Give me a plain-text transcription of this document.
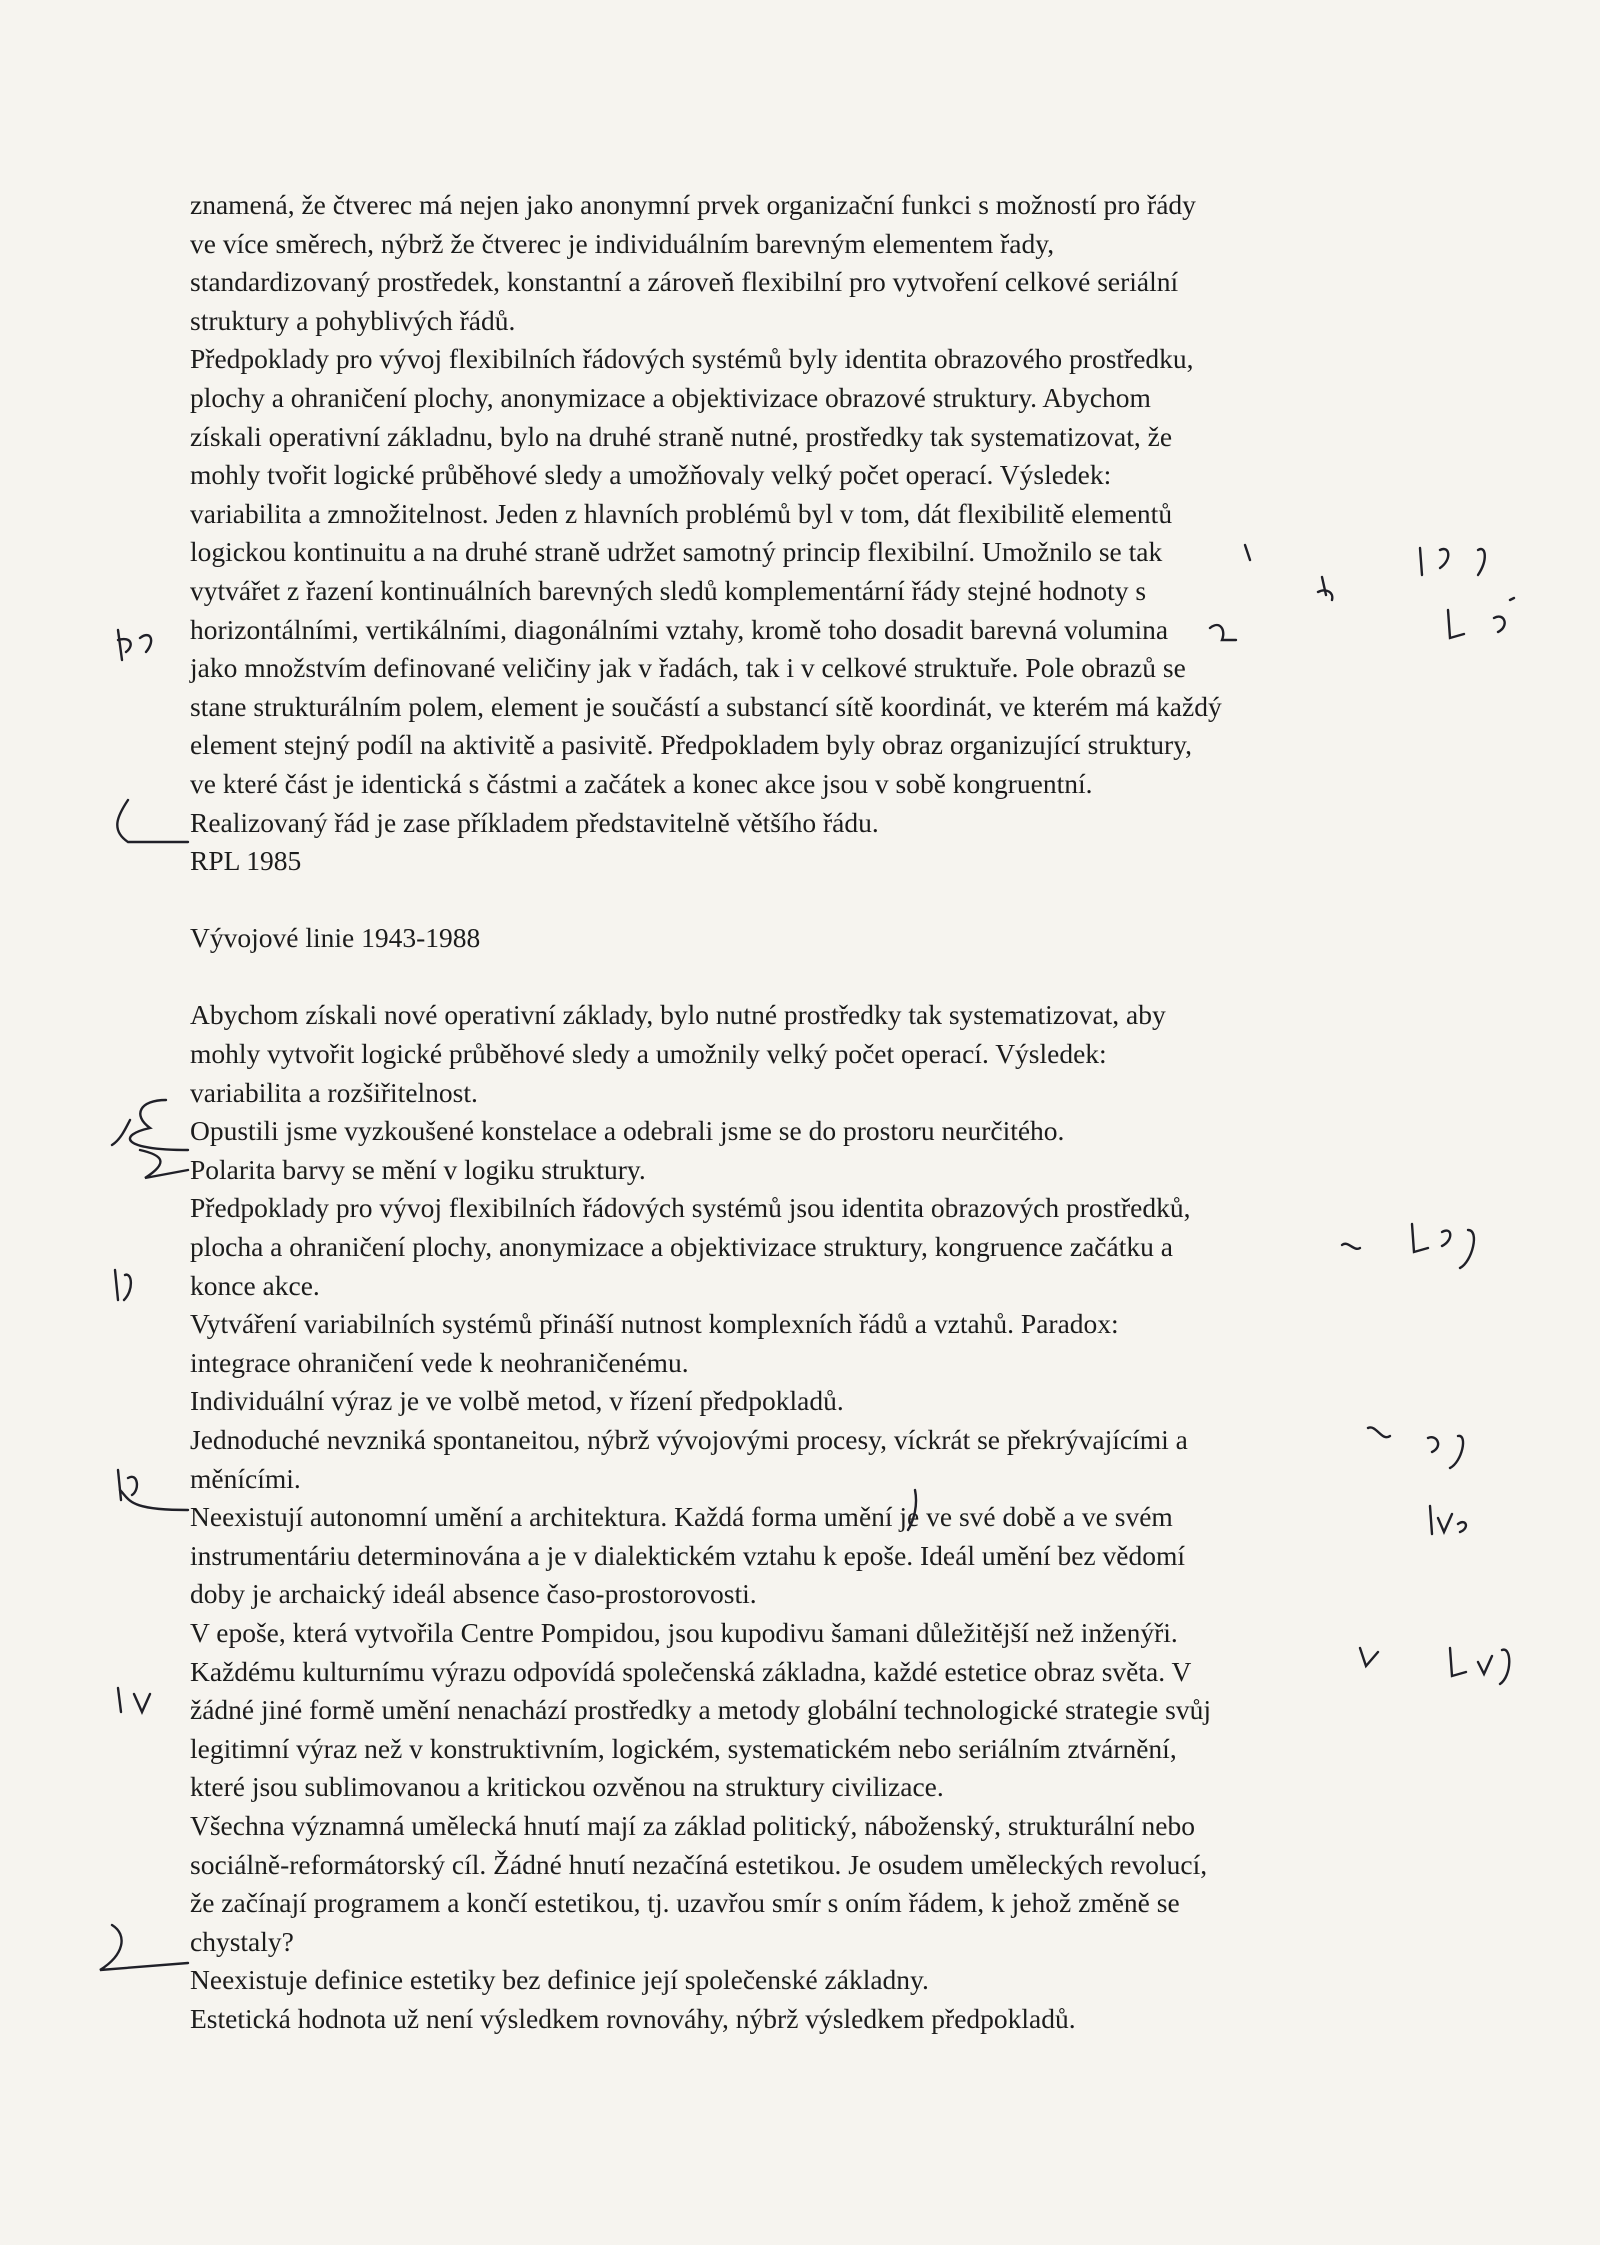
znamená, že čtverec má nejen jako anonymní prvek organizační funkci s možností pro řády
ve více směrech, nýbrž že čtverec je individuálním barevným elementem řady,
standardizovaný prostředek, konstantní a zároveň flexibilní pro vytvoření celkové seriální
struktury a pohyblivých řádů.
Předpoklady pro vývoj flexibilních řádových systémů byly identita obrazového prostředku,
plochy a ohraničení plochy, anonymizace a objektivizace obrazové struktury. Abychom
získali operativní základnu, bylo na druhé straně nutné, prostředky tak systematizovat, že
mohly tvořit logické průběhové sledy a umožňovaly velký počet operací. Výsledek:
variabilita a zmnožitelnost. Jeden z hlavních problémů byl v tom, dát flexibilitě elementů
logickou kontinuitu a na druhé straně udržet samotný princip flexibilní. Umožnilo se tak
vytvářet z řazení kontinuálních barevných sledů komplementární řády stejné hodnoty s
horizontálními, vertikálními, diagonálními vztahy, kromě toho dosadit barevná volumina
jako množstvím definované veličiny jak v řadách, tak i v celkové struktuře. Pole obrazů se
stane strukturálním polem, element je součástí a substancí sítě koordinát, ve kterém má každý
element stejný podíl na aktivitě a pasivitě. Předpokladem byly obraz organizující struktury,
ve které část je identická s částmi a začátek a konec akce jsou v sobě kongruentní.
Realizovaný řád je zase příkladem představitelně většího řádu.
RPL 1985
Vývojové linie 1943-1988
Abychom získali nové operativní základy, bylo nutné prostředky tak systematizovat, aby
mohly vytvořit logické průběhové sledy a umožnily velký počet operací. Výsledek:
variabilita a rozšiřitelnost.
Opustili jsme vyzkoušené konstelace a odebrali jsme se do prostoru neurčitého.
Polarita barvy se mění v logiku struktury.
Předpoklady pro vývoj flexibilních řádových systémů jsou identita obrazových prostředků,
plocha a ohraničení plochy, anonymizace a objektivizace struktury, kongruence začátku a
konce akce.
Vytváření variabilních systémů přináší nutnost komplexních řádů a vztahů. Paradox:
integrace ohraničení vede k neohraničenému.
Individuální výraz je ve volbě metod, v řízení předpokladů.
Jednoduché nevzniká spontaneitou, nýbrž vývojovými procesy, víckrát se překrývajícími a
měnícími.
Neexistují autonomní umění a architektura. Každá forma umění je ve své době a ve svém
instrumentáriu determinována a je v dialektickém vztahu k epoše. Ideál umění bez vědomí
doby je archaický ideál absence časo-prostorovosti.
V epoše, která vytvořila Centre Pompidou, jsou kupodivu šamani důležitější než inženýři.
Každému kulturnímu výrazu odpovídá společenská základna, každé estetice obraz světa. V
žádné jiné formě umění nenachází prostředky a metody globální technologické strategie svůj
legitimní výraz než v konstruktivním, logickém, systematickém nebo seriálním ztvárnění,
které jsou sublimovanou a kritickou ozvěnou na struktury civilizace.
Všechna významná umělecká hnutí mají za základ politický, náboženský, strukturální nebo
sociálně-reformátorský cíl. Žádné hnutí nezačíná estetikou. Je osudem uměleckých revolucí,
že začínají programem a končí estetikou, tj. uzavřou smír s oním řádem, k jehož změně se
chystaly?
Neexistuje definice estetiky bez definice její společenské základny.
Estetická hodnota už není výsledkem rovnováhy, nýbrž výsledkem předpokladů.
